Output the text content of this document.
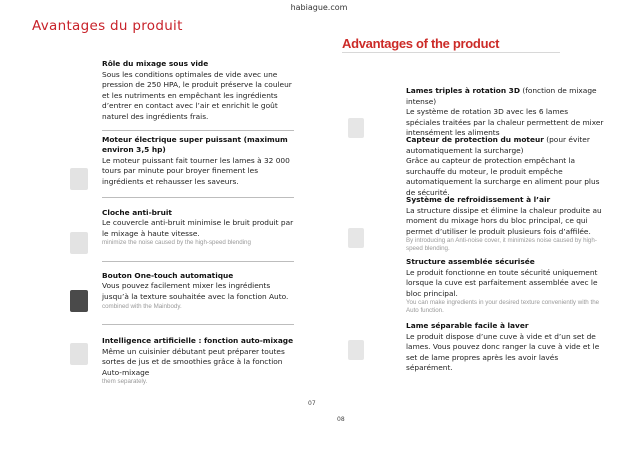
habiague.com
Avantages du produit
Advantages of the product
Rôle du mixage sous vide
Sous les conditions optimales de vide avec une pression de 250 HPA, le produit préserve la couleur et les nutriments en empêchant les ingrédients d’entrer en contact avec l’air et enrichit le goût naturel des ingrédients frais.
Moteur électrique super puissant (maximum environ 3,5 hp)
Le moteur puissant fait tourner les lames à 32 000 tours par minute pour broyer finement les ingrédients et rehausser les saveurs.
Cloche anti-bruit
Le couvercle anti-bruit minimise le bruit produit par le mixage à haute vitesse.
minimize the noise caused by the high-speed blending
Bouton One-touch automatique
Vous pouvez facilement mixer les ingrédients jusqu’à la texture souhaitée avec la fonction Auto.
combined with the Mainbody.
Intelligence artificielle : fonction auto-mixage
Même un cuisinier débutant peut préparer toutes sortes de jus et de smoothies grâce à la fonction Auto-mixage
them separately.
Lames triples à rotation 3D (fonction de mixage intense)
Le système de rotation 3D avec les 6 lames spéciales traitées par la chaleur permettent de mixer intensément les aliments
Capteur de protection du moteur (pour éviter automatiquement la surcharge)
Grâce au capteur de protection empêchant la surchauffe du moteur, le produit empêche automatiquement la surcharge en aliment pour plus de sécurité.
Système de refroidissement à l’air
La structure dissipe et élimine la chaleur produite au moment du mixage hors du bloc principal, ce qui permet d’utiliser le produit plusieurs fois d’affilée.
By introducing an Anti-noise cover, it minimizes noise caused by high-speed blending.
Structure assemblée sécurisée
Le produit fonctionne en toute sécurité uniquement lorsque la cuve est parfaitement assemblée avec le bloc principal.
You can make ingredients in your desired texture conveniently with the Auto function.
Lame séparable facile à laver
Le produit dispose d’une cuve à vide et d’un set de lames. Vous pouvez donc ranger la cuve à vide et le set de lame propres après les avoir lavés séparément.
07
08
